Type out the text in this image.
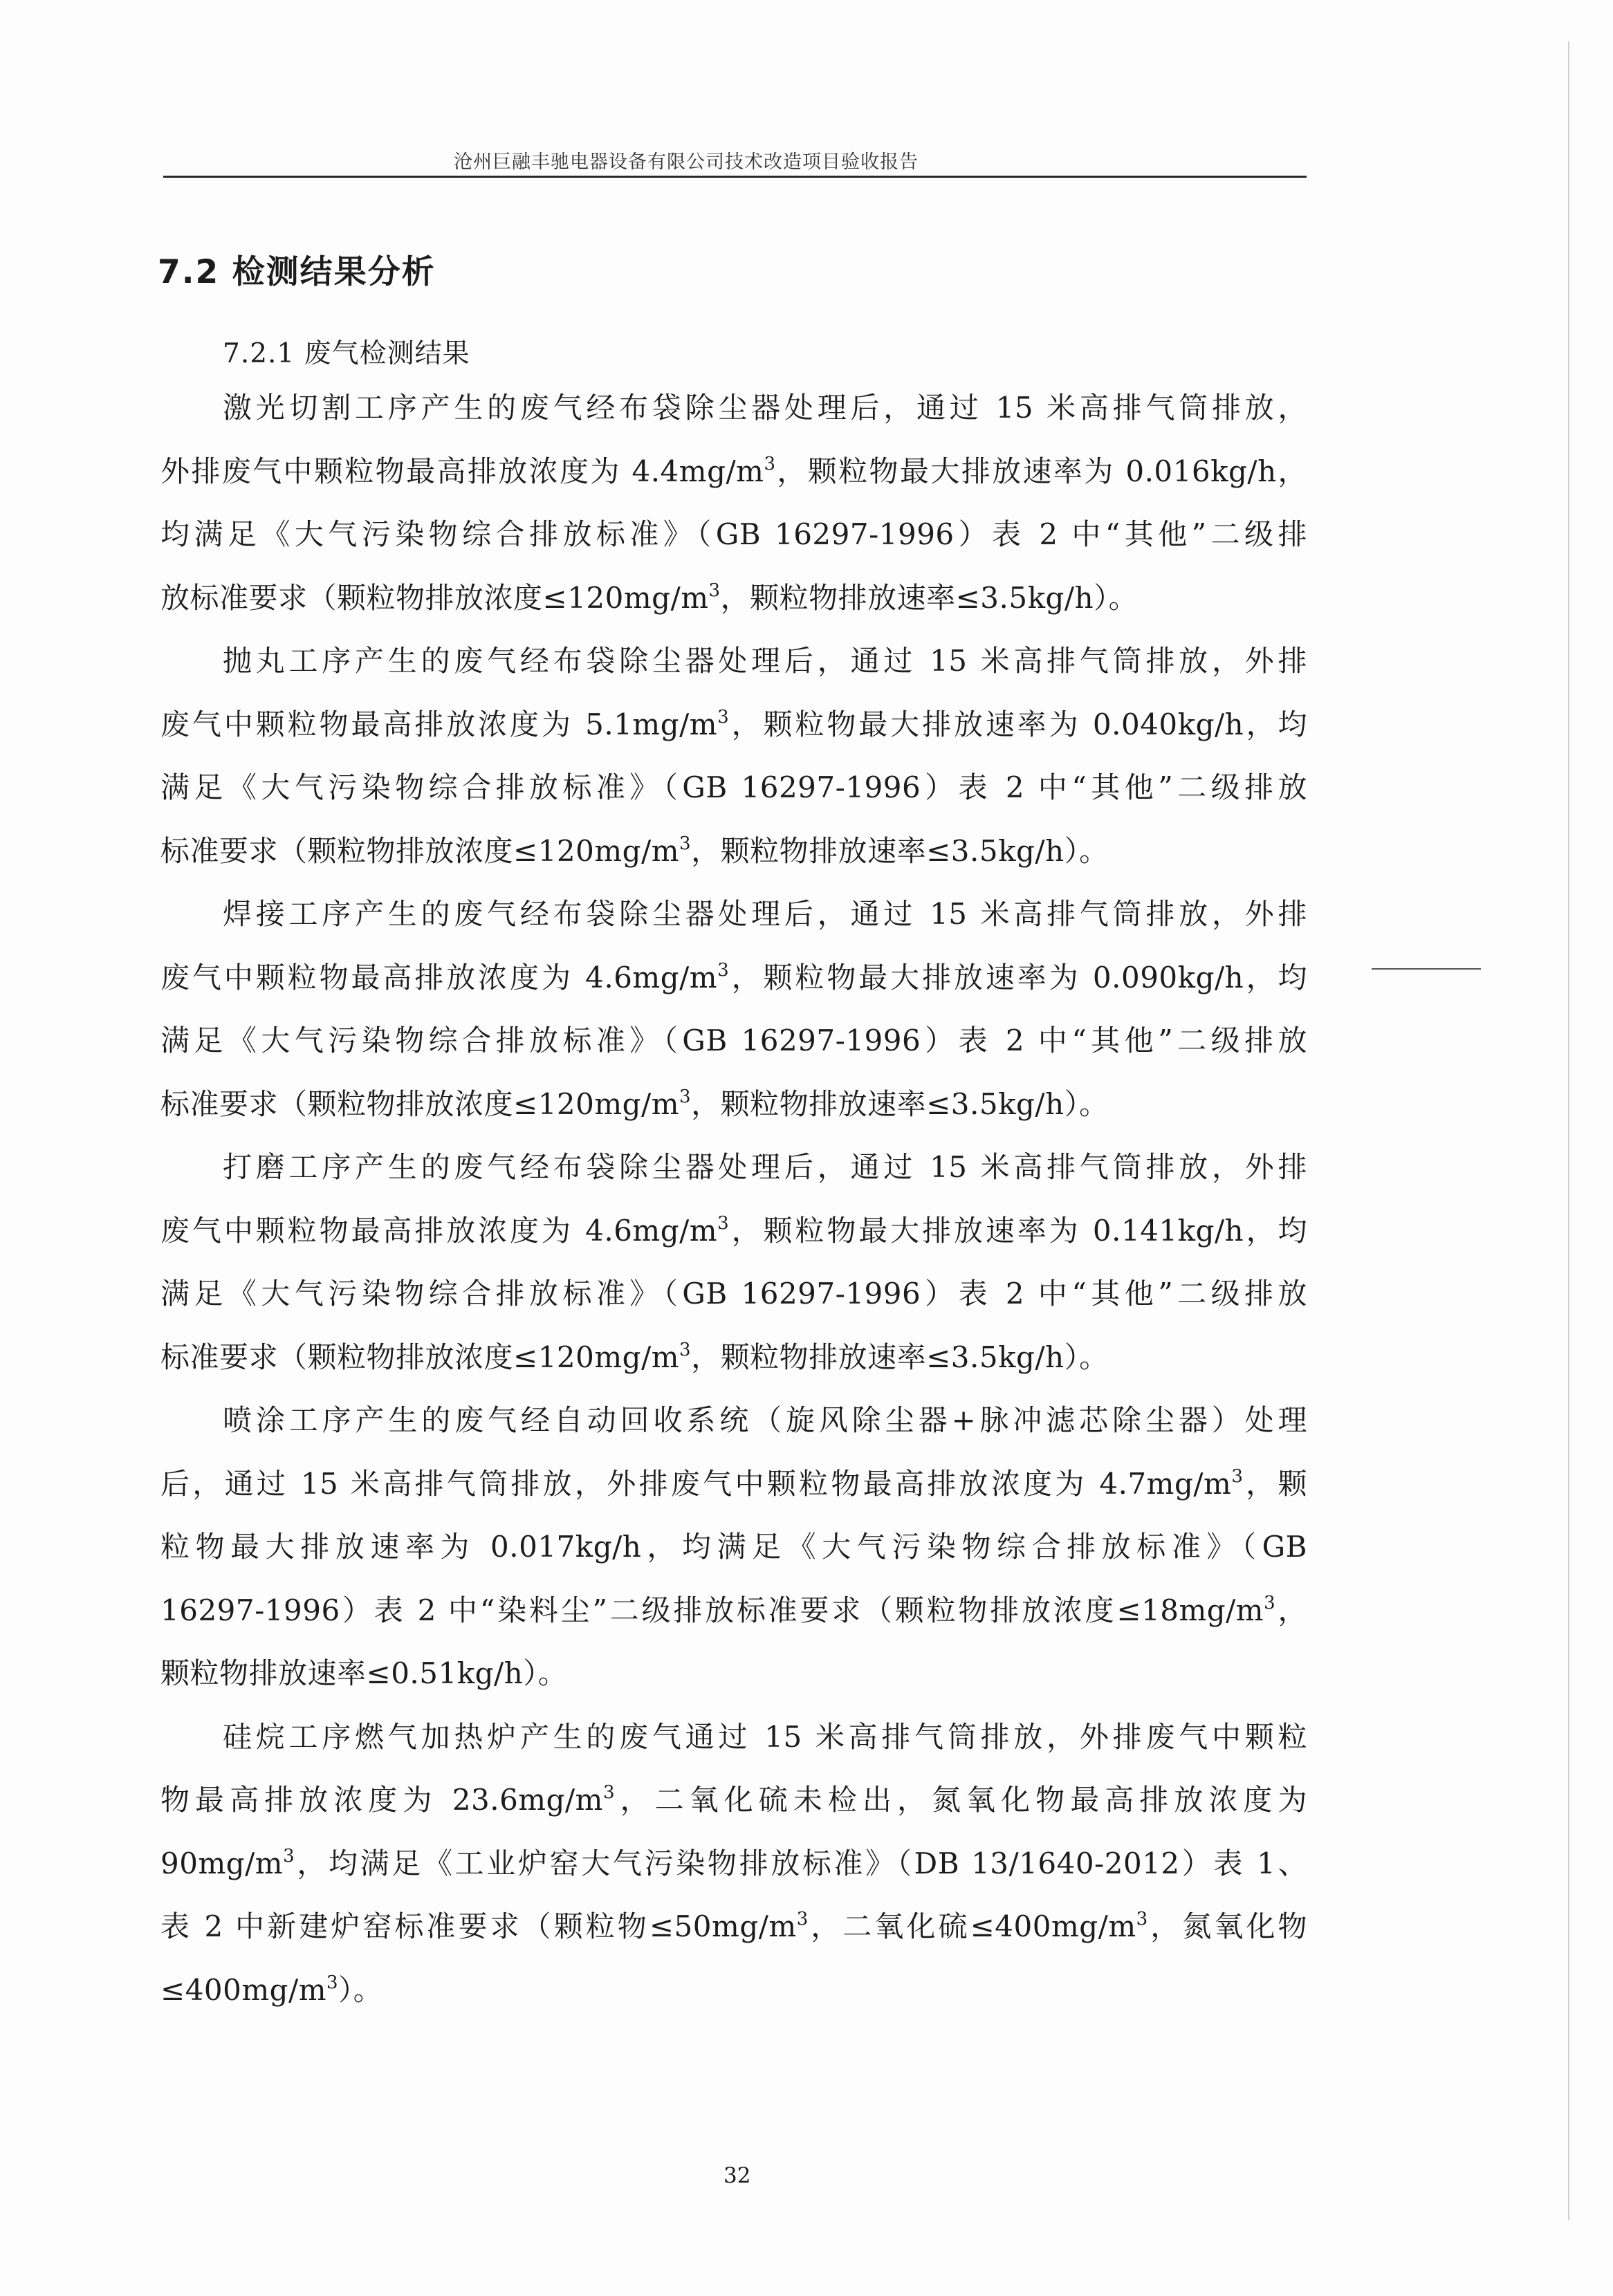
沧州巨融丰驰电器设备有限公司技术改造项目验收报告
7.2 检测结果分析
7.2.1 废气检测结果
激光切割工序产生的废气经布袋除尘器处理后，通过 15 米高排气筒排放，
外排废气中颗粒物最高排放浓度为 $4.4mg/m^3$，颗粒物最大排放速率为 0.016kg/h，
均满足《大气污染物综合排放标准》（GB 16297-1996）表 2 中“其他”二级排
放标准要求（颗粒物排放浓度$\le 120mg/m^3$，颗粒物排放速率≤3.5kg/h）。
抛丸工序产生的废气经布袋除尘器处理后，通过 15 米高排气筒排放，外排
废气中颗粒物最高排放浓度为 $5.1mg/m^3$，颗粒物最大排放速率为 0.040kg/h，均
满足《大气污染物综合排放标准》（GB 16297-1996）表 2 中“其他”二级排放
标准要求（颗粒物排放浓度$\le 120mg/m^3$，颗粒物排放速率≤3.5kg/h）。
焊接工序产生的废气经布袋除尘器处理后，通过 15 米高排气筒排放，外排
废气中颗粒物最高排放浓度为 $4.6mg/m^3$，颗粒物最大排放速率为 0.090kg/h，均
满足《大气污染物综合排放标准》（GB 16297-1996）表 2 中“其他”二级排放
标准要求（颗粒物排放浓度$\le 120mg/m^3$，颗粒物排放速率≤3.5kg/h）。
打磨工序产生的废气经布袋除尘器处理后，通过 15 米高排气筒排放，外排
废气中颗粒物最高排放浓度为 $4.6mg/m^3$，颗粒物最大排放速率为 0.141kg/h，均
满足《大气污染物综合排放标准》（GB 16297-1996）表 2 中“其他”二级排放
标准要求（颗粒物排放浓度$\le 120mg/m^3$，颗粒物排放速率≤3.5kg/h）。
喷涂工序产生的废气经自动回收系统（旋风除尘器+脉冲滤芯除尘器）处理
后，通过 15 米高排气筒排放，外排废气中颗粒物最高排放浓度为 $4.7mg/m^3$，颗
粒物最大排放速率为 0.017kg/h，均满足《大气污染物综合排放标准》（GB
16297-1996）表 2 中“染料尘”二级排放标准要求（颗粒物排放浓度$\le 18mg/m^3$，
颗粒物排放速率≤0.51kg/h）。
硅烷工序燃气加热炉产生的废气通过 15 米高排气筒排放，外排废气中颗粒
物最高排放浓度为 $23.6mg/m^3$，二氧化硫未检出，氮氧化物最高排放浓度为
$90mg/m^3$，均满足《工业炉窑大气污染物排放标准》（DB 13/1640-2012）表 1、
表 2 中新建炉窑标准要求（颗粒物$\le 50mg/m^3$，二氧化硫$\le 400mg/m^3$，氮氧化物
$\le 400mg/m^3$）。
32
